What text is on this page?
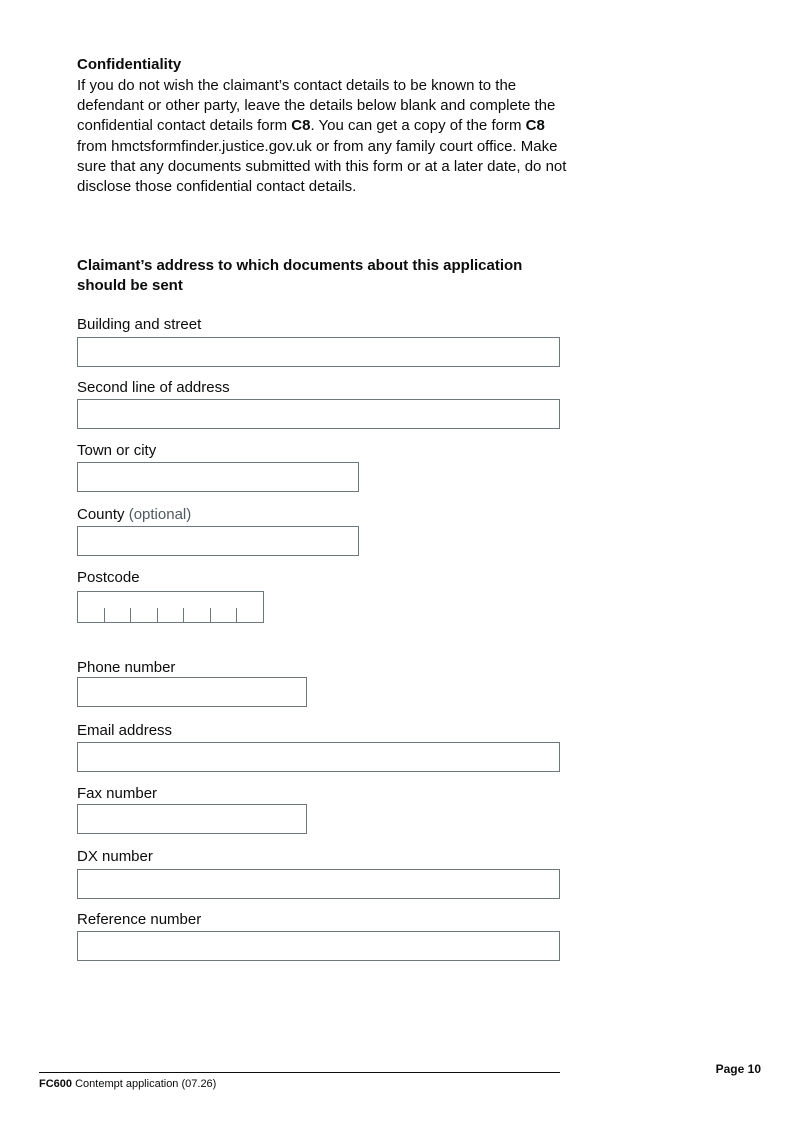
Confidentiality

If you do not wish the claimant’s contact details to be known to the defendant or other party, leave the details below blank and complete the confidential contact details form C8. You can get a copy of the form C8 from hmctsformfinder.justice.gov.uk or from any family court office. Make sure that any documents submitted with this form or at a later date, do not disclose those confidential contact details.

Claimant’s address to which documents about this application should be sent
Building and street
Second line of address
Town or city
County (optional)
Postcode
Phone number
Email address
Fax number
DX number
Reference number
Page 10
FC600 Contempt application (07.26)
